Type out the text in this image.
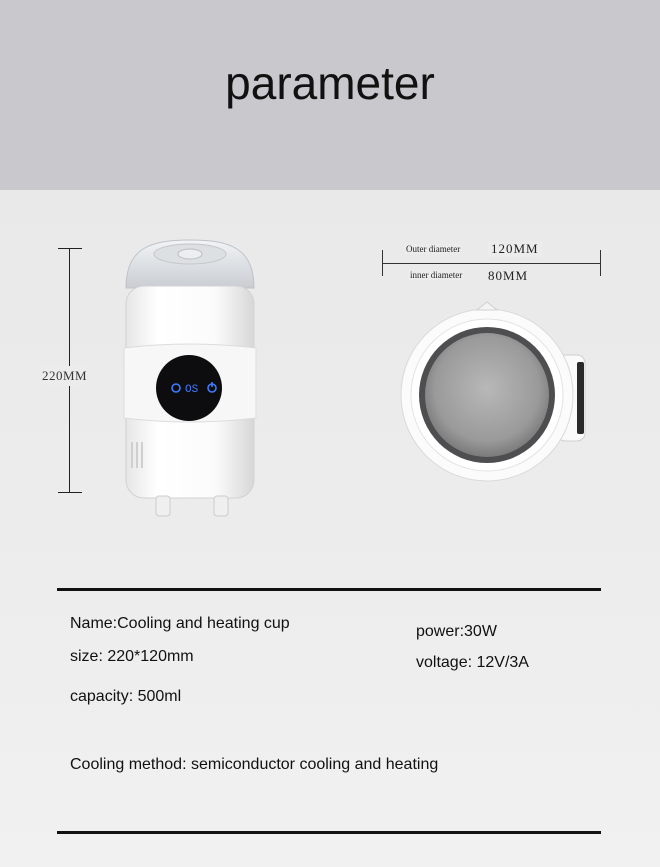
parameter
220MM
OS
Outer diameter 120MM
inner diameter 80MM
Name:Cooling and heating cup
size: 220*120mm
capacity: 500ml
power:30W
voltage: 12V/3A
Cooling method: semiconductor cooling and heating
